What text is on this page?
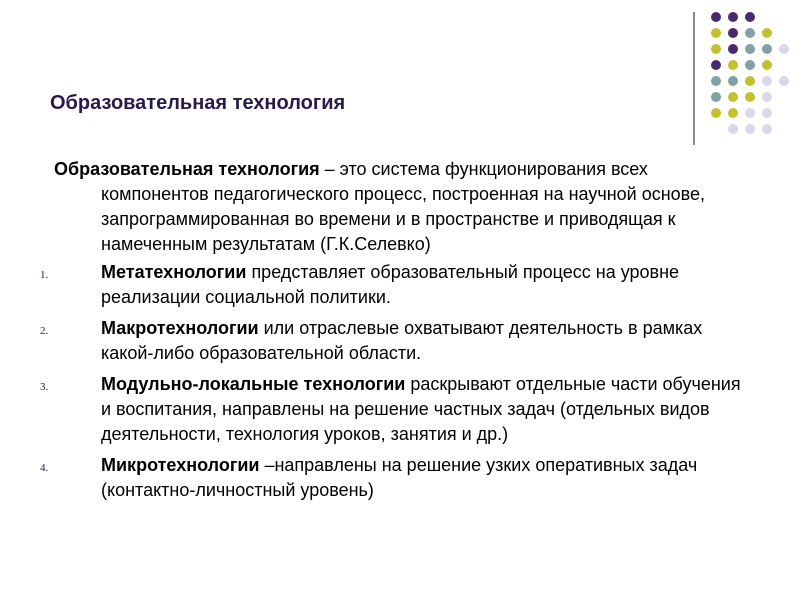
Образовательная технология

Образовательная технология – это система функционирования всех компонентов педагогического процесс, построенная на научной основе, запрограммированная во времени и в пространстве и приводящая к намеченным результатам (Г.К.Селевко)

1.	Метатехнологии представляет образовательный процесс на уровне реализации социальной политики.
2.	Макротехнологии или отраслевые охватывают деятельность в рамках какой-либо образовательной области.
3.	Модульно-локальные технологии раскрывают отдельные части обучения и воспитания, направлены на решение частных задач (отдельных видов деятельности, технология уроков, занятия и др.)
4.	Микротехнологии –направлены на решение узких оперативных задач (контактно-личностный уровень)
